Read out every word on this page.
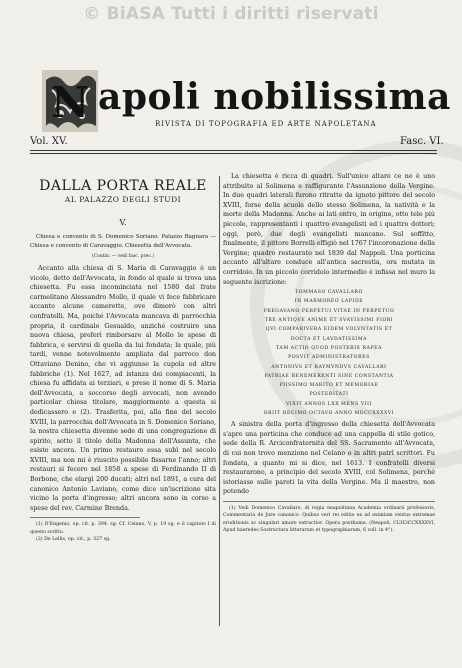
© BiASA Tutti i diritti riservati
N apoli nobilissima
RIVISTA DI TOPOGRAFIA ED ARTE NAPOLETANA
Vol. XV.	Fasc. VI.
DALLA PORTA REALE
AL PALAZZO DEGLI STUDI
V.
Chiesa e convento di S. Domenico Soriano. Palazzo Bagnara — Chiesa e convento di Caravaggio. Chiesetta dell'Avvocata.
(Contin. — vedi fasc. prec.)

Accanto alla chiesa di S. Maria di Caravaggio è un vicolo, detto dell'Avvocata, in fondo al quale si trova una chiesetta. Fu essa incominciata nel 1580 dal frate carmelitano Alessandro Mollo, il quale vi fece fabbricare accanto alcune camerette, ove dimorò con altri confratelli. Ma, poiché l'Avvocata mancava di parrocchia propria, il cardinale Gesualdo, anziché costruire una nuova chiesa, preferì rimborsare al Mollo le spese di fabbrica, e servirsi di quella da lui fondata; la quale, più tardi, venne notevolmente ampliata dal parroco don Ottaviano Denino, che vi aggiunse la cupola ed altre fabbriche (1). Nel 1627, ad istanza dei compiacenti, la chiesa fu affidata ai terziari, e prese il nome di S. Maria dell'Avvocata, a soccorso degli avvocati, non avendo particolar chiesa titolare, maggiormente a questa si dedicassero e (2). Trasferita, poi, alla fine del secolo XVIII, la parrocchia dell'Avvocata in S. Domenico Soriano, la nostra chiesetta divenne sede di una congregazione di spirito, sotto il titolo della Madonna dell'Assunta, che esiste ancora. Un primo restauro essa subì nel secolo XVIII, ma non mi è riuscito possibile fissarne l'anno; altri restauri si fecero nel 1858 a spese di Ferdinando II di Borbone, che elargì 200 ducati; altri nel 1891, a cura del canonico Antonio Laviano, come dice un'iscrizione sita vicino la porta d'ingresso; altri ancora sono in corso a spese del rev. Carmine Brenda.

(1) D'Engenio, op. cit. p. 394. sg. Cf. Celano, V, p. 19 sg. e il capitolo I di questo scritto.
(2) De Lellis, op. cit., p. 327 sg.

La chiesetta è ricca di quadri. Sull'unico altare ce ne è uno attribuito al Solimena e raffigurante l'Assunzione della Vergine. In due quadri laterali furono ritratte da ignoto pittore del secolo XVIII, forse della scuola dello stesso Solimena, la natività e la morte della Madonna. Anche ai lati entro, in origine, otto tele più piccole, rappresentanti i quattro evangelisti ed i quattro dottori; oggi, però, due degli evangelisti mancano. Sul soffitto, finalmente, il pittore Borrelli effigiò nel 1767 l'incoronazione della Vergine; quadro restaurato nel 1839 dal Nappoli. Una porticina accanto all'altare conduce all'antica sacrestia, ora mutata in corridoio. In un piccolo corridoio intermedio è infissa nel muro la seguente iscrizione:

TOMMASO CAVALLARO
IN MARMOREO LAPIDE
PREGAVANO PERPETUI VITAE IN PERPETUO
TRE ANTIQVE ANIME ET SVAVISSIMI FIORI
QVI COMPARIVERA EIDEM VOLVNTATIS ET
DOCTA ET LAVDATISSIMA
TAM ACTIO QUOD POSTERIS RAPEA
POSVIT ADMINISTRATORES
ANTONIVS ET RAYMVNDVS CAVALLARI
PATRIAE BENEMERENTI SINE CONSTANTIA
PIISSIMO MARITO ET MEMORIAE
POSTERITATI
VIXIT ANNOS LXX MENS VIII
OBIIT DECIMO OCTAVO ANNO MDCCXXXXVI

A sinistra della porta d'ingresso della chiesetta dell'Avvocata s'apre una porticina che conduce ad una cappella di stile gotico, sede della R. Arciconfraternita del SS. Sacramento all'Avvocata, di cui non trovo menzione nel Celano o in altri patrî scrittori. Fu fondata, a quanto mi si dice, nel 1613. I confratelli diversi restaurarono, a principio del secolo XVIII, col Solimena, perché istoriasse sulle pareti la vita della Vergine. Ma il maestro, non potendo

(1) Vedi Domenico Cavallaro, di regia neapolitana Academia ordinarii professoris, Commentaria de Jure canonico. Quibus veri rei editio ex ad eximium ventus extremae eruditionis ac singulari amore extractior. Opera posthuma. (Neapoli, CIƆIƆCCXXXXVI, Apud haeredes Sostructura litterarum et typographiarum, 6 voll. in 4°).
